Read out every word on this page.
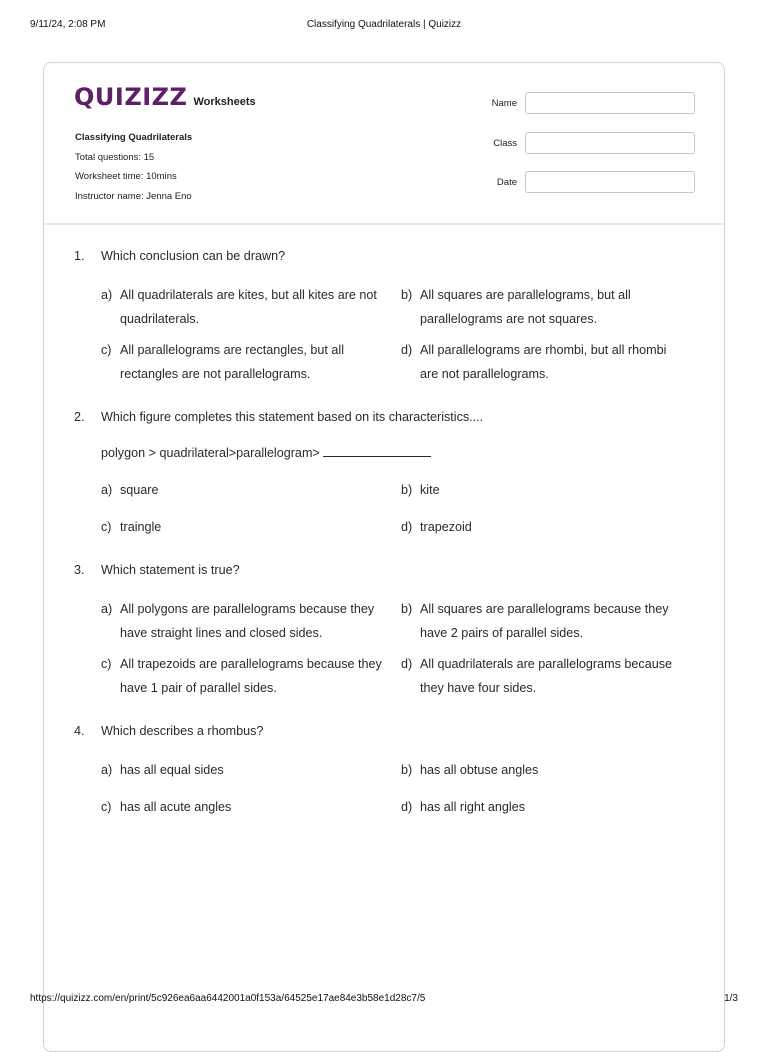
9/11/24, 2:08 PM	Classifying Quadrilaterals | Quizizz
QUIZIZZ Worksheets
Classifying Quadrilaterals
Total questions: 15
Worksheet time: 10mins
Instructor name: Jenna Eno
Name
Class
Date
1.	Which conclusion can be drawn?
a) All quadrilaterals are kites, but all kites are not quadrilaterals.
b) All squares are parallelograms, but all parallelograms are not squares.
c) All parallelograms are rectangles, but all rectangles are not parallelograms.
d) All parallelograms are rhombi, but all rhombi are not parallelograms.
2.	Which figure completes this statement based on its characteristics....
polygon > quadrilateral>parallelogram>
a) square	b) kite
c) traingle	d) trapezoid
3.	Which statement is true?
a) All polygons are parallelograms because they have straight lines and closed sides.
b) All squares are parallelograms because they have 2 pairs of parallel sides.
c) All trapezoids are parallelograms because they have 1 pair of parallel sides.
d) All quadrilaterals are parallelograms because they have four sides.
4.	Which describes a rhombus?
a) has all equal sides	b) has all obtuse angles
c) has all acute angles	d) has all right angles
https://quizizz.com/en/print/5c926ea6aa6442001a0f153a/64525e17ae84e3b58e1d28c7/5	1/3
